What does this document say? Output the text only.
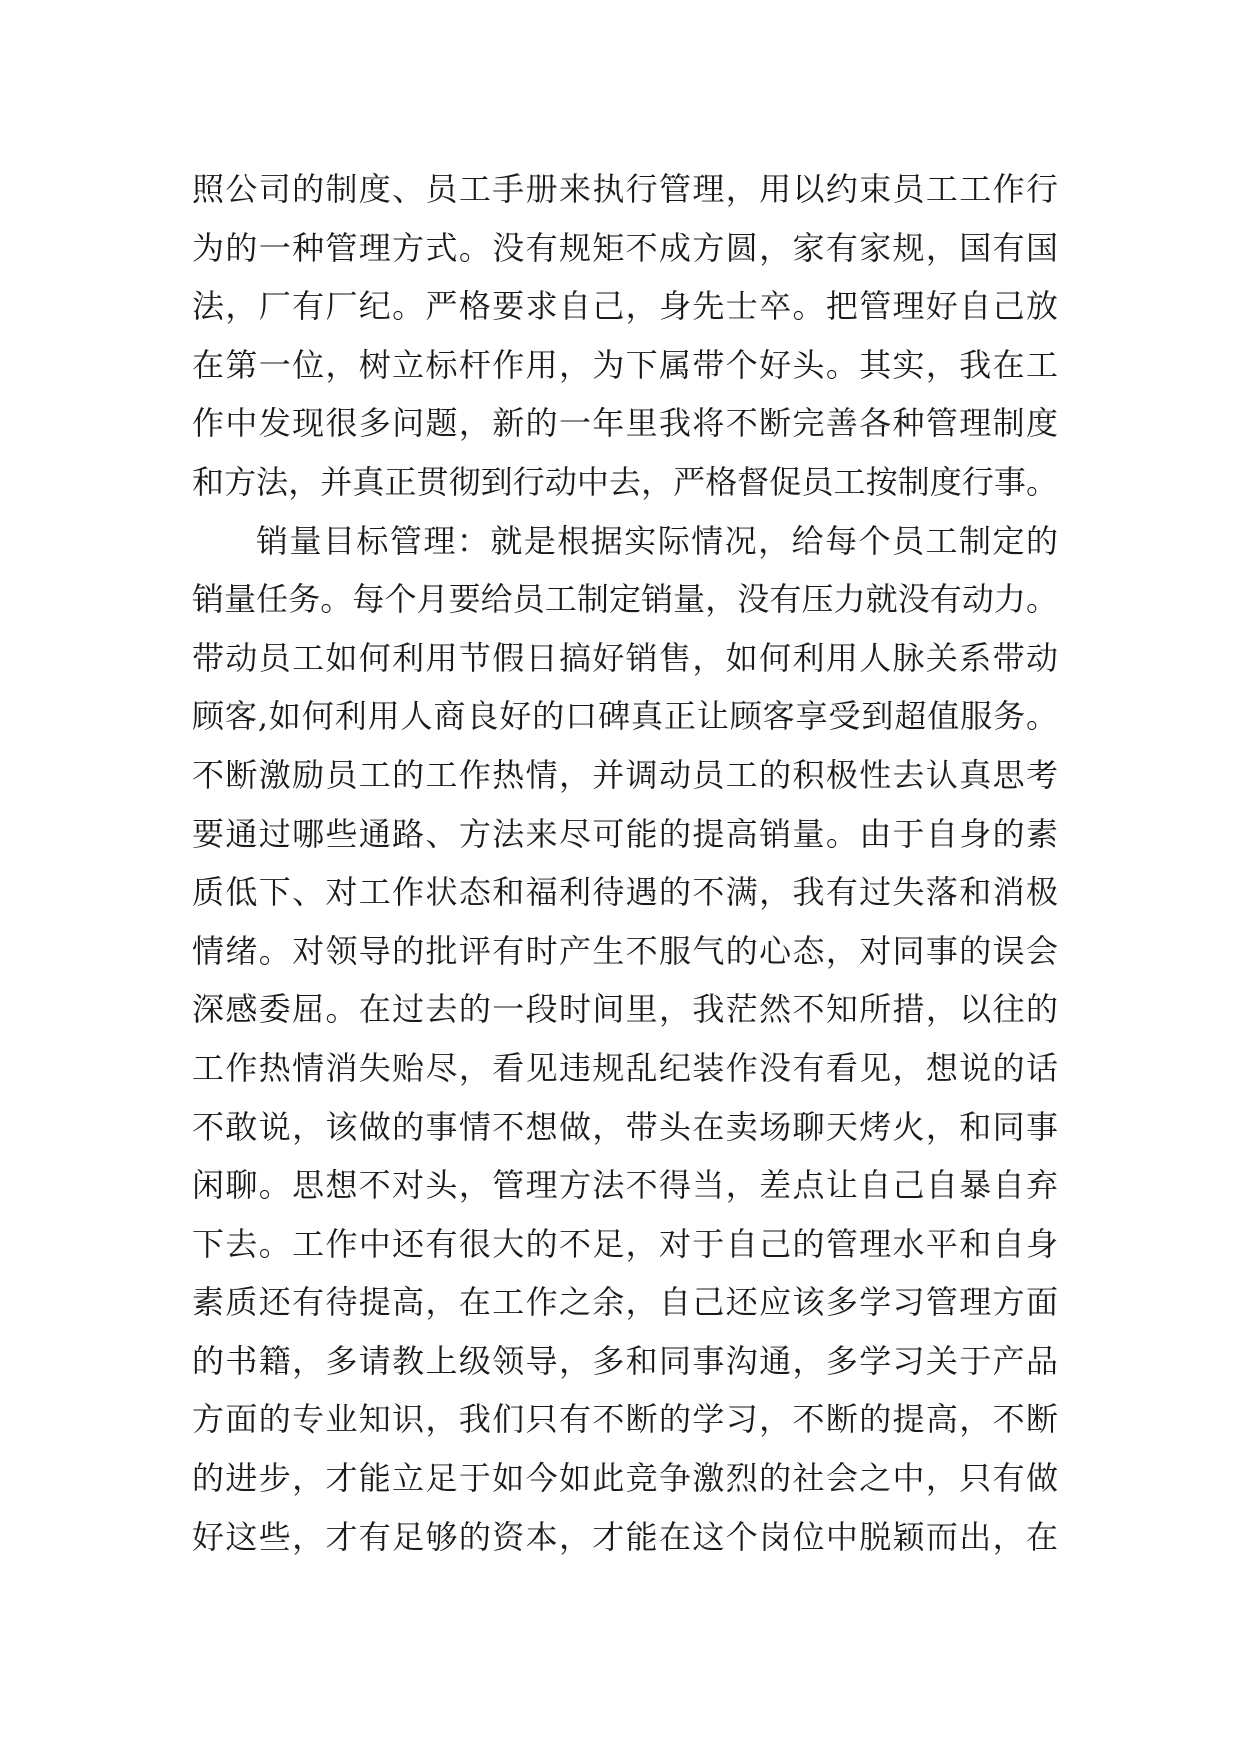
照公司的制度、员工手册来执行管理，用以约束员工工作行
为的一种管理方式。没有规矩不成方圆，家有家规，国有国
法，厂有厂纪。严格要求自己，身先士卒。把管理好自己放
在第一位，树立标杆作用，为下属带个好头。其实，我在工
作中发现很多问题，新的一年里我将不断完善各种管理制度
和方法，并真正贯彻到行动中去，严格督促员工按制度行事。
销量目标管理：就是根据实际情况，给每个员工制定的
销量任务。每个月要给员工制定销量，没有压力就没有动力。
带动员工如何利用节假日搞好销售，如何利用人脉关系带动
顾客,如何利用人商良好的口碑真正让顾客享受到超值服务。
不断激励员工的工作热情，并调动员工的积极性去认真思考
要通过哪些通路、方法来尽可能的提高销量。由于自身的素
质低下、对工作状态和福利待遇的不满，我有过失落和消极
情绪。对领导的批评有时产生不服气的心态，对同事的误会
深感委屈。在过去的一段时间里，我茫然不知所措，以往的
工作热情消失贻尽，看见违规乱纪装作没有看见，想说的话
不敢说，该做的事情不想做，带头在卖场聊天烤火，和同事
闲聊。思想不对头，管理方法不得当，差点让自己自暴自弃
下去。工作中还有很大的不足，对于自己的管理水平和自身
素质还有待提高，在工作之余，自己还应该多学习管理方面
的书籍，多请教上级领导，多和同事沟通，多学习关于产品
方面的专业知识，我们只有不断的学习，不断的提高，不断
的进步，才能立足于如今如此竞争激烈的社会之中，只有做
好这些，才有足够的资本，才能在这个岗位中脱颖而出，在
